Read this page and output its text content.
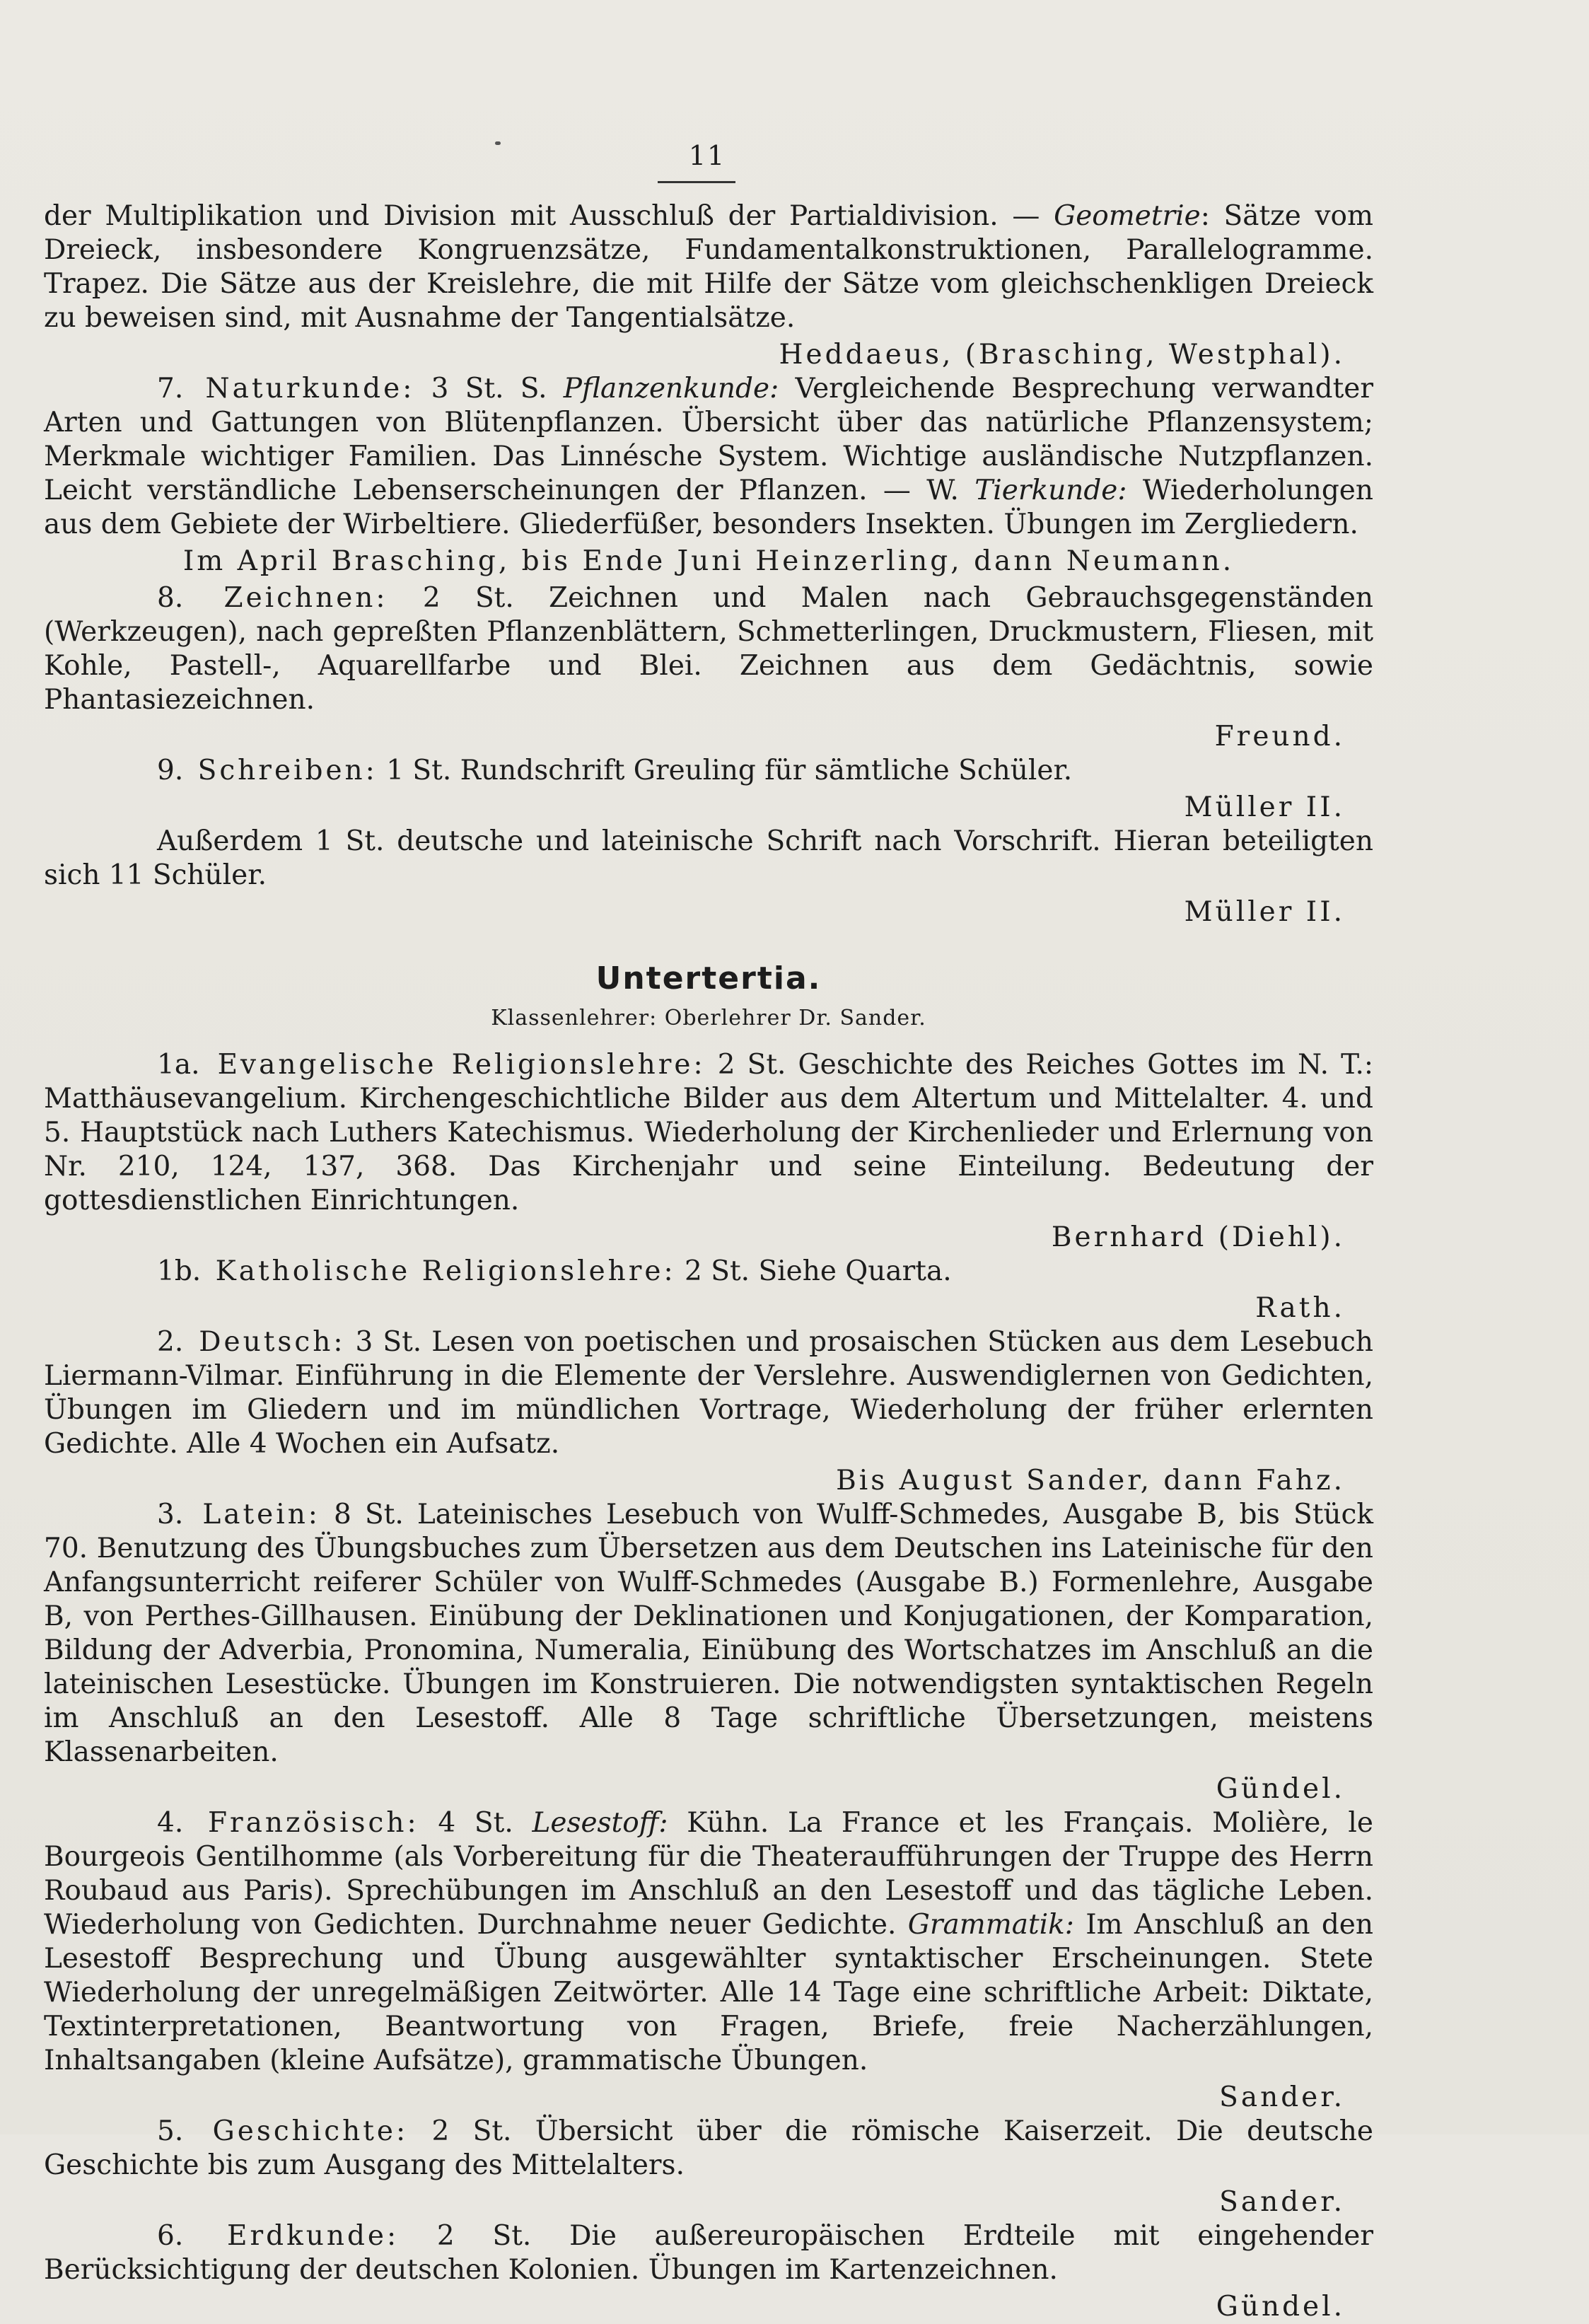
11

der Multiplikation und Division mit Ausschluß der Partialdivision. — Geometrie: Sätze vom Dreieck, insbesondere Kongruenzsätze, Fundamentalkonstruktionen, Parallelogramme. Trapez. Die Sätze aus der Kreislehre, die mit Hilfe der Sätze vom gleichschenkligen Dreieck zu beweisen sind, mit Ausnahme der Tangentialsätze.

Heddaeus, (Brasching, Westphal).

7. Naturkunde: 3 St. S. Pflanzenkunde: Vergleichende Besprechung verwandter Arten und Gattungen von Blütenpflanzen. Übersicht über das natürliche Pflanzensystem; Merkmale wichtiger Familien. Das Linnésche System. Wichtige ausländische Nutzpflanzen. Leicht verständliche Lebenserscheinungen der Pflanzen. — W. Tierkunde: Wiederholungen aus dem Gebiete der Wirbeltiere. Gliederfüßer, besonders Insekten. Übungen im Zergliedern.

Im April Brasching, bis Ende Juni Heinzerling, dann Neumann.

8. Zeichnen: 2 St. Zeichnen und Malen nach Gebrauchsgegenständen (Werkzeugen), nach gepreßten Pflanzenblättern, Schmetterlingen, Druckmustern, Fliesen, mit Kohle, Pastell-, Aquarellfarbe und Blei. Zeichnen aus dem Gedächtnis, sowie Phantasiezeichnen.

Freund.

9. Schreiben: 1 St. Rundschrift Greuling für sämtliche Schüler.

Müller II.

Außerdem 1 St. deutsche und lateinische Schrift nach Vorschrift. Hieran beteiligten sich 11 Schüler.

Müller II.

Untertertia.
Klassenlehrer: Oberlehrer Dr. Sander.

1a. Evangelische Religionslehre: 2 St. Geschichte des Reiches Gottes im N. T.: Matthäusevangelium. Kirchengeschichtliche Bilder aus dem Altertum und Mittelalter. 4. und 5. Hauptstück nach Luthers Katechismus. Wiederholung der Kirchenlieder und Erlernung von Nr. 210, 124, 137, 368. Das Kirchenjahr und seine Einteilung. Bedeutung der gottesdienstlichen Einrichtungen.

Bernhard (Diehl).

1b. Katholische Religionslehre: 2 St. Siehe Quarta.

Rath.

2. Deutsch: 3 St. Lesen von poetischen und prosaischen Stücken aus dem Lesebuch Liermann-Vilmar. Einführung in die Elemente der Verslehre. Auswendiglernen von Gedichten, Übungen im Gliedern und im mündlichen Vortrage, Wiederholung der früher erlernten Gedichte. Alle 4 Wochen ein Aufsatz.

Bis August Sander, dann Fahz.

3. Latein: 8 St. Lateinisches Lesebuch von Wulff-Schmedes, Ausgabe B, bis Stück 70. Benutzung des Übungsbuches zum Übersetzen aus dem Deutschen ins Lateinische für den Anfangsunterricht reiferer Schüler von Wulff-Schmedes (Ausgabe B.) Formenlehre, Ausgabe B, von Perthes-Gillhausen. Einübung der Deklinationen und Konjugationen, der Komparation, Bildung der Adverbia, Pronomina, Numeralia, Einübung des Wortschatzes im Anschluß an die lateinischen Lesestücke. Übungen im Konstruieren. Die notwendigsten syntaktischen Regeln im Anschluß an den Lesestoff. Alle 8 Tage schriftliche Übersetzungen, meistens Klassenarbeiten.

Gündel.

4. Französisch: 4 St. Lesestoff: Kühn. La France et les Français. Molière, le Bourgeois Gentilhomme (als Vorbereitung für die Theateraufführungen der Truppe des Herrn Roubaud aus Paris). Sprechübungen im Anschluß an den Lesestoff und das tägliche Leben. Wiederholung von Gedichten. Durchnahme neuer Gedichte. Grammatik: Im Anschluß an den Lesestoff Besprechung und Übung ausgewählter syntaktischer Erscheinungen. Stete Wiederholung der unregelmäßigen Zeitwörter. Alle 14 Tage eine schriftliche Arbeit: Diktate, Textinterpretationen, Beantwortung von Fragen, Briefe, freie Nacherzählungen, Inhaltsangaben (kleine Aufsätze), grammatische Übungen.

Sander.

5. Geschichte: 2 St. Übersicht über die römische Kaiserzeit. Die deutsche Geschichte bis zum Ausgang des Mittelalters.

Sander.

6. Erdkunde: 2 St. Die außereuropäischen Erdteile mit eingehender Berücksichtigung der deutschen Kolonien. Übungen im Kartenzeichnen.

Gündel.
